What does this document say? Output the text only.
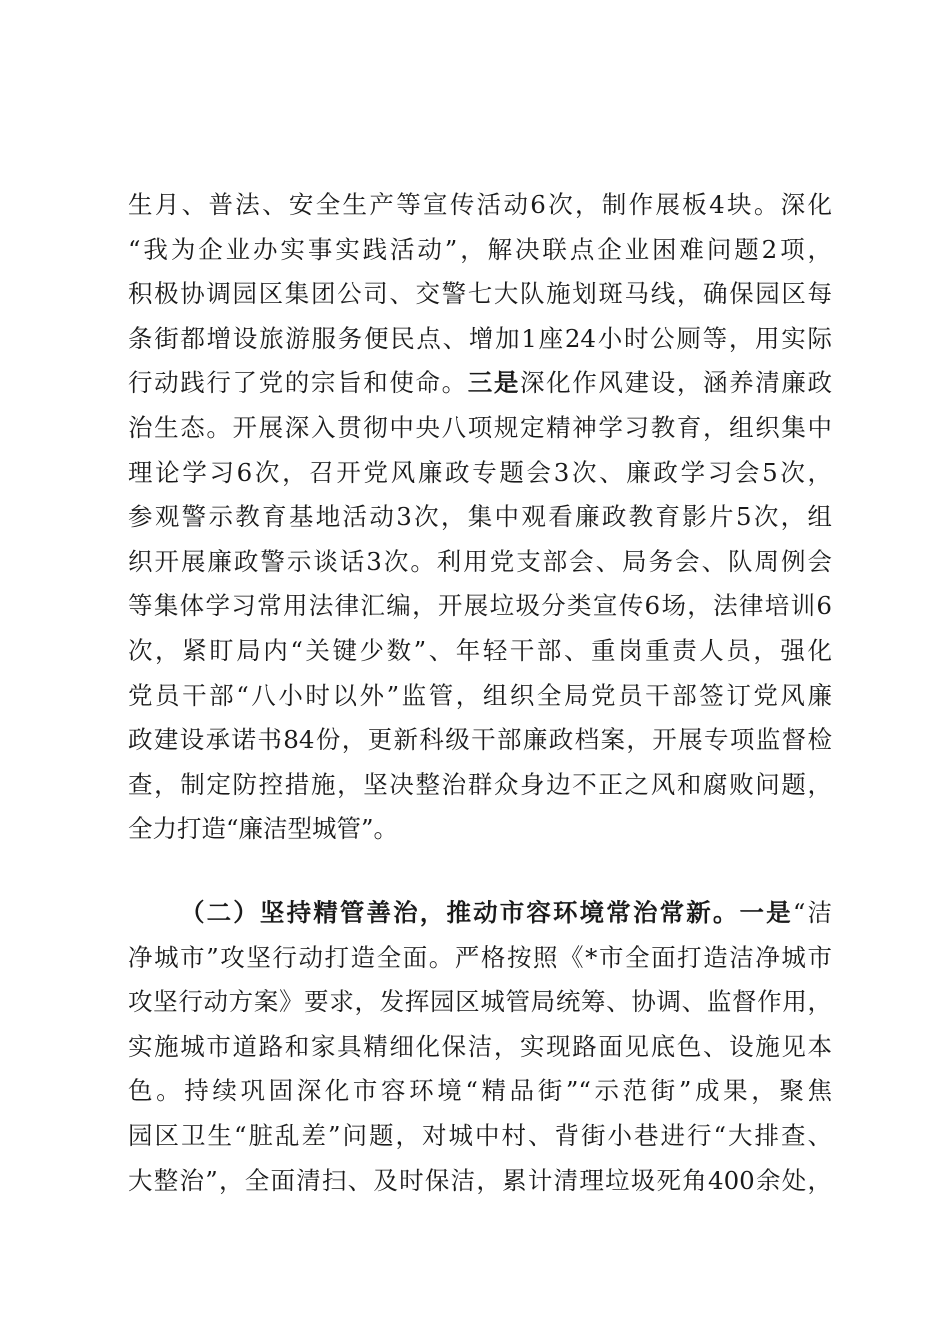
生月、普法、安全生产等宣传活动6次，制作展板4块。深化
“我为企业办实事实践活动”，解决联点企业困难问题2项，
积极协调园区集团公司、交警七大队施划斑马线，确保园区每
条街都增设旅游服务便民点、增加1座24小时公厕等，用实际
行动践行了党的宗旨和使命。三是深化作风建设，涵养清廉政
治生态。开展深入贯彻中央八项规定精神学习教育，组织集中
理论学习6次，召开党风廉政专题会3次、廉政学习会5次，
参观警示教育基地活动3次，集中观看廉政教育影片5次，组
织开展廉政警示谈话3次。利用党支部会、局务会、队周例会
等集体学习常用法律汇编，开展垃圾分类宣传6场，法律培训6
次，紧盯局内“关键少数”、年轻干部、重岗重责人员，强化
党员干部“八小时以外”监管，组织全局党员干部签订党风廉
政建设承诺书84份，更新科级干部廉政档案，开展专项监督检
查，制定防控措施，坚决整治群众身边不正之风和腐败问题，
全力打造“廉洁型城管”。
（二）坚持精管善治，推动市容环境常治常新。一是“洁
净城市”攻坚行动打造全面。严格按照《*市全面打造洁净城市
攻坚行动方案》要求，发挥园区城管局统筹、协调、监督作用，
实施城市道路和家具精细化保洁，实现路面见底色、设施见本
色。持续巩固深化市容环境“精品街”“示范街”成果，聚焦
园区卫生“脏乱差”问题，对城中村、背街小巷进行“大排查、
大整治”，全面清扫、及时保洁，累计清理垃圾死角400余处，
